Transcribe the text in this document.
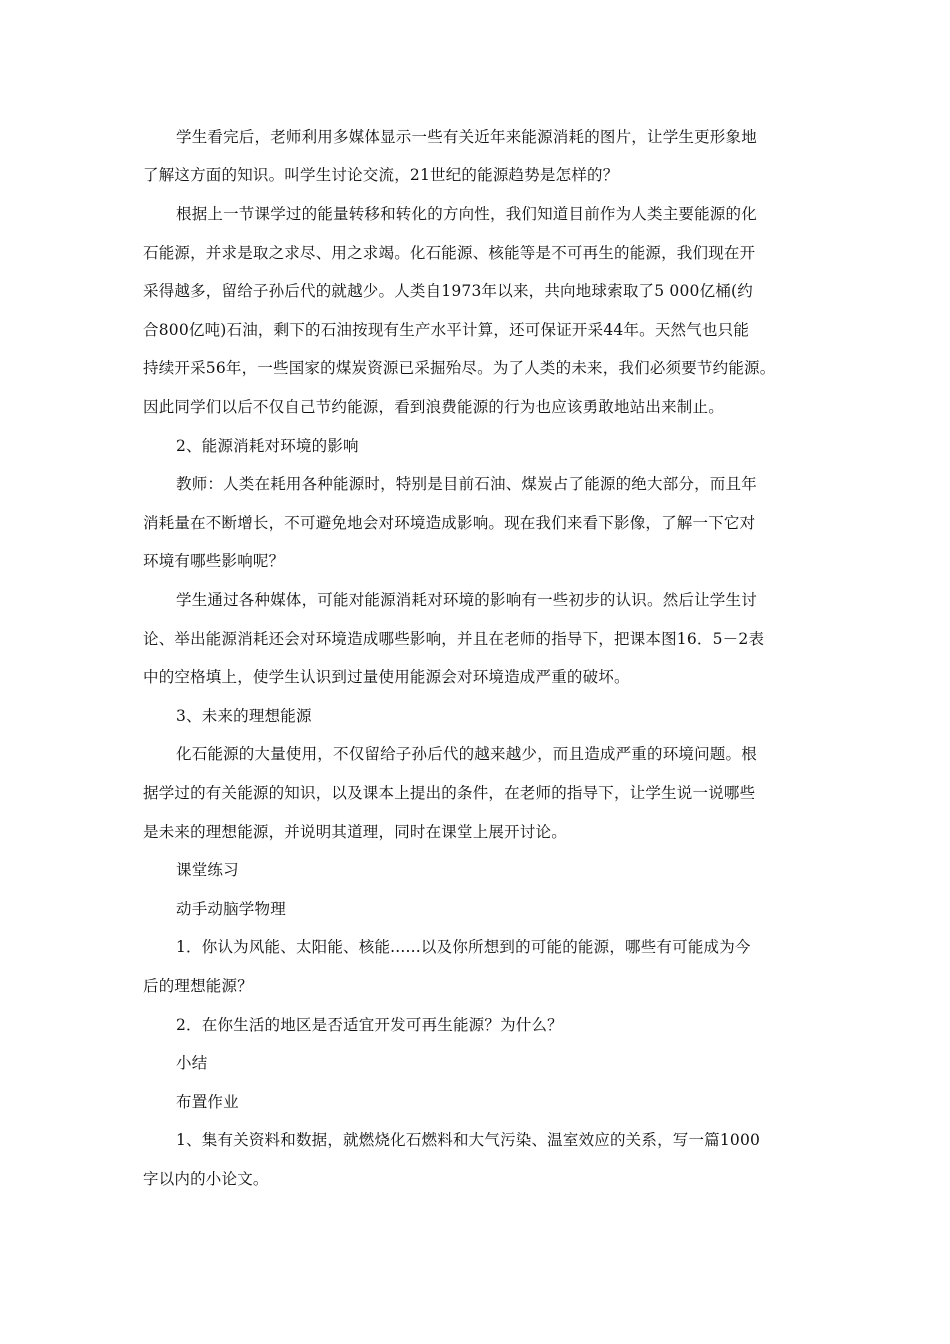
学生看完后，老师利用多媒体显示一些有关近年来能源消耗的图片，让学生更形象地
了解这方面的知识。叫学生讨论交流，21世纪的能源趋势是怎样的？
根据上一节课学过的能量转移和转化的方向性，我们知道目前作为人类主要能源的化
石能源，并求是取之求尽、用之求竭。化石能源、核能等是不可再生的能源，我们现在开
采得越多，留给子孙后代的就越少。人类自1973年以来，共向地球索取了5 000亿桶(约
合800亿吨)石油，剩下的石油按现有生产水平计算，还可保证开采44年。天然气也只能
持续开采56年，一些国家的煤炭资源已采掘殆尽。为了人类的未来，我们必须要节约能源。
因此同学们以后不仅自己节约能源，看到浪费能源的行为也应该勇敢地站出来制止。
2、能源消耗对环境的影响
教师：人类在耗用各种能源时，特别是目前石油、煤炭占了能源的绝大部分，而且年
消耗量在不断增长，不可避免地会对环境造成影响。现在我们来看下影像，了解一下它对
环境有哪些影响呢？
学生通过各种媒体，可能对能源消耗对环境的影响有一些初步的认识。然后让学生讨
论、举出能源消耗还会对环境造成哪些影响，并且在老师的指导下，把课本图16．5－2表
中的空格填上，使学生认识到过量使用能源会对环境造成严重的破坏。
3、未来的理想能源
化石能源的大量使用，不仅留给子孙后代的越来越少，而且造成严重的环境问题。根
据学过的有关能源的知识，以及课本上提出的条件，在老师的指导下，让学生说一说哪些
是未来的理想能源，并说明其道理，同时在课堂上展开讨论。
课堂练习
动手动脑学物理
1．你认为风能、太阳能、核能......以及你所想到的可能的能源，哪些有可能成为今
后的理想能源？
2．在你生活的地区是否适宜开发可再生能源？为什么？
小结
布置作业
1、集有关资料和数据，就燃烧化石燃料和大气污染、温室效应的关系，写一篇1000
字以内的小论文。
